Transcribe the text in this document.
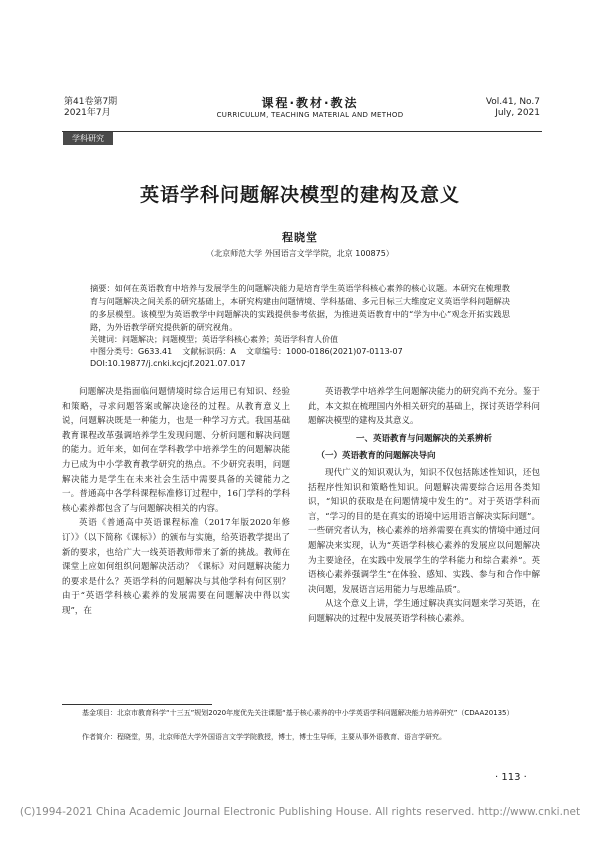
第41卷第7期
2021年7月
课程·教材·教法
CURRICULUM, TEACHING MATERIAL AND METHOD
Vol.41, No.7
July, 2021
学科研究
英语学科问题解决模型的建构及意义
程晓堂
（北京师范大学 外国语言文学学院，北京 100875）
摘要：如何在英语教育中培养与发展学生的问题解决能力是培育学生英语学科核心素养的核心议题。本研究在梳理教育与问题解决之间关系的研究基础上，本研究构建由问题情境、学科基础、多元目标三大维度定义英语学科问题解决的多层模型。该模型为英语教学中问题解决的实践提供参考依据，为推进英语教育中的“学为中心”观念开拓实践思路，为外语教学研究提供新的研究视角。
关键词：问题解决；问题模型；英语学科核心素养；英语学科育人价值
中图分类号：G633.41 文献标识码：A 文章编号：1000-0186(2021)07-0113-07
DOI:10.19877/j.cnki.kcjcjf.2021.07.017

问题解决是指面临问题情境时综合运用已有知识、经验和策略，寻求问题答案或解决途径的过程。从教育意义上说，问题解决既是一种能力，也是一种学习方式。我国基础教育课程改革强调培养学生发现问题、分析问题和解决问题的能力。近年来，如何在学科教学中培养学生的问题解决能力已成为中小学教育教学研究的热点。不少研究表明，问题解决能力是学生在未来社会生活中需要具备的关键能力之一。普通高中各学科课程标准修订过程中，16门学科的学科核心素养都包含了与问题解决相关的内容。

英语《普通高中英语课程标准（2017年版2020年修订）》（以下简称《课标》）的颁布与实施，给英语教学提出了新的要求，也给广大一线英语教师带来了新的挑战。教师在课堂上应如何组织问题解决活动？《课标》对问题解决能力的要求是什么？英语学科的问题解决与其他学科有何区别？由于“英语学科核心素养的发展需要在问题解决中得以实现”，在

英语教学中培养学生问题解决能力的研究尚不充分。鉴于此，本文拟在梳理国内外相关研究的基础上，探讨英语学科问题解决模型的建构及其意义。

一、英语教育与问题解决的关系辨析

（一）英语教育的问题解决导向

现代广义的知识观认为，知识不仅包括陈述性知识，还包括程序性知识和策略性知识。问题解决需要综合运用各类知识，“知识的获取是在问题情境中发生的”。对于英语学科而言，“学习的目的是在真实的语境中运用语言解决实际问题”。一些研究者认为，核心素养的培养需要在真实的情境中通过问题解决来实现，认为“英语学科核心素养的发展应以问题解决为主要途径，在实践中发展学生的学科能力和综合素养”。英语核心素养强调学生“在体验、感知、实践、参与和合作中解决问题，发展语言运用能力与思维品质”。

从这个意义上讲，学生通过解决真实问题来学习英语，在问题解决的过程中发展英语学科核心素养。

基金项目：北京市教育科学“十三五”规划2020年度优先关注课题“基于核心素养的中小学英语学科问题解决能力培养研究”（CDAA20135）
作者简介：程晓堂，男，北京师范大学外国语言文学学院教授，博士，博士生导师，主要从事外语教育、语言学研究。
· 113 ·
(C)1994-2021 China Academic Journal Electronic Publishing House. All rights reserved. http://www.cnki.net
